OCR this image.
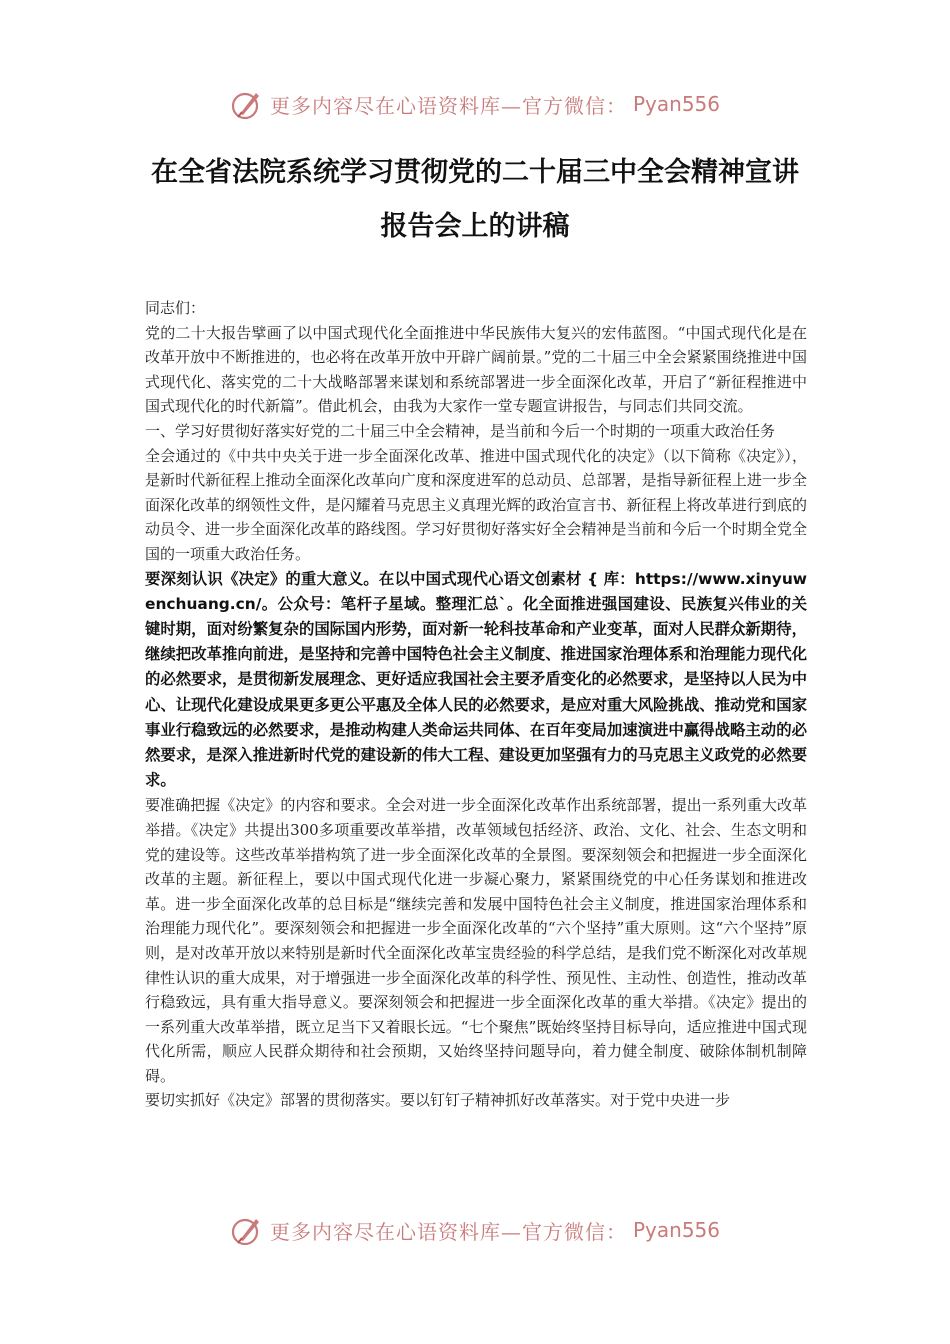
更多内容尽在心语资料库—官方微信： Pyan556
在全省法院系统学习贯彻党的二十届三中全会精神宣讲报告会上的讲稿

同志们：

党的二十大报告擘画了以中国式现代化全面推进中华民族伟大复兴的宏伟蓝图。“中国式现代化是在改革开放中不断推进的，也必将在改革开放中开辟广阔前景。”党的二十届三中全会紧紧围绕推进中国式现代化、落实党的二十大战略部署来谋划和系统部署进一步全面深化改革，开启了“新征程推进中国式现代化的时代新篇”。借此机会，由我为大家作一堂专题宣讲报告，与同志们共同交流。

一、学习好贯彻好落实好党的二十届三中全会精神，是当前和今后一个时期的一项重大政治任务

全会通过的《中共中央关于进一步全面深化改革、推进中国式现代化的决定》（以下简称《决定》），是新时代新征程上推动全面深化改革向广度和深度进军的总动员、总部署，是指导新征程上进一步全面深化改革的纲领性文件，是闪耀着马克思主义真理光辉的政治宣言书、新征程上将改革进行到底的动员令、进一步全面深化改革的路线图。学习好贯彻好落实好全会精神是当前和今后一个时期全党全国的一项重大政治任务。

要深刻认识《决定》的重大意义。在以中国式现代心语文创素材 { 库：https://www.xinyuwenchuang.cn/。公众号：笔杆子星域。整理汇总`。化全面推进强国建设、民族复兴伟业的关键时期，面对纷繁复杂的国际国内形势，面对新一轮科技革命和产业变革，面对人民群众新期待，继续把改革推向前进，是坚持和完善中国特色社会主义制度、推进国家治理体系和治理能力现代化的必然要求，是贯彻新发展理念、更好适应我国社会主要矛盾变化的必然要求，是坚持以人民为中心、让现代化建设成果更多更公平惠及全体人民的必然要求，是应对重大风险挑战、推动党和国家事业行稳致远的必然要求，是推动构建人类命运共同体、在百年变局加速演进中赢得战略主动的必然要求，是深入推进新时代党的建设新的伟大工程、建设更加坚强有力的马克思主义政党的必然要求。

要准确把握《决定》的内容和要求。全会对进一步全面深化改革作出系统部署，提出一系列重大改革举措。《决定》共提出300多项重要改革举措，改革领域包括经济、政治、文化、社会、生态文明和党的建设等。这些改革举措构筑了进一步全面深化改革的全景图。要深刻领会和把握进一步全面深化改革的主题。新征程上，要以中国式现代化进一步凝心聚力，紧紧围绕党的中心任务谋划和推进改革。进一步全面深化改革的总目标是“继续完善和发展中国特色社会主义制度，推进国家治理体系和治理能力现代化”。要深刻领会和把握进一步全面深化改革的“六个坚持”重大原则。这“六个坚持”原则，是对改革开放以来特别是新时代全面深化改革宝贵经验的科学总结，是我们党不断深化对改革规律性认识的重大成果，对于增强进一步全面深化改革的科学性、预见性、主动性、创造性，推动改革行稳致远，具有重大指导意义。要深刻领会和把握进一步全面深化改革的重大举措。《决定》提出的一系列重大改革举措，既立足当下又着眼长远。“七个聚焦”既始终坚持目标导向，适应推进中国式现代化所需，顺应人民群众期待和社会预期，又始终坚持问题导向，着力健全制度、破除体制机制障碍。

要切实抓好《决定》部署的贯彻落实。要以钉钉子精神抓好改革落实。对于党中央进一步

更多内容尽在心语资料库—官方微信： Pyan556
